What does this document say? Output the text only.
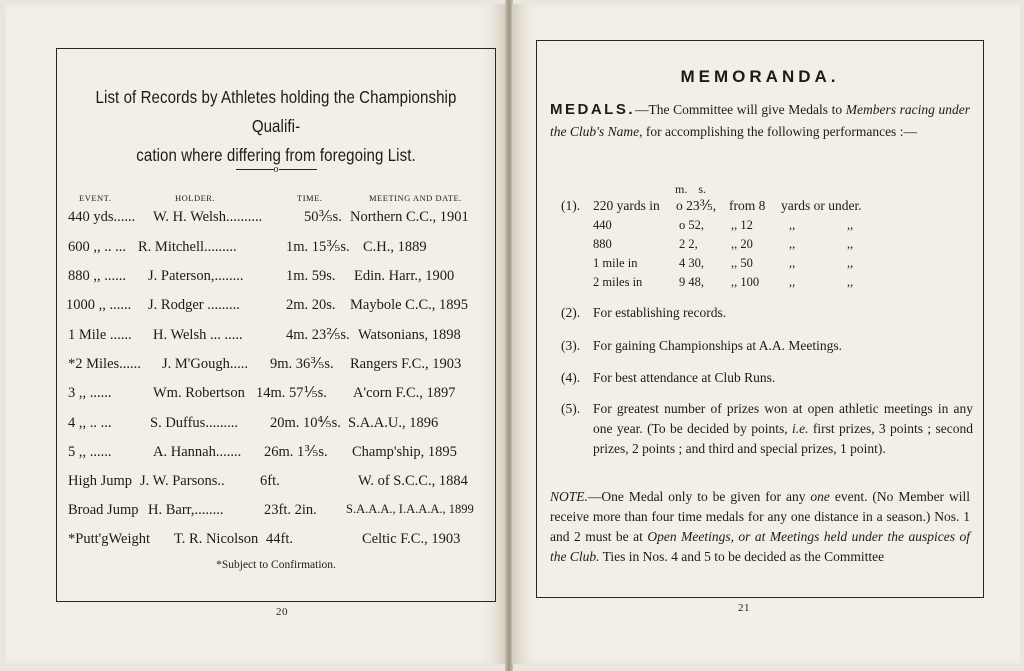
List of Records by Athletes holding the Championship Qualifi-
cation where differing from foregoing List.
o
EVENT.	HOLDER.	TIME.	MEETING AND DATE.
440 yds...... W. H. Welsh..........	50⅗s. Northern C.C., 1901
600 ,, .. ... R. Mitchell.........	1m. 15⅗s. C.H., 1889
880 ,, ...... J. Paterson,........	1m. 59s. Edin. Harr., 1900
1000 ,, ...... J. Rodger .........	2m. 20s. Maybole C.C., 1895
1 Mile ...... H. Welsh ... .....	4m. 23⅖s. Watsonians, 1898
*2 Miles...... J. M'Gough..... 9m. 36⅗s. Rangers F.C., 1903
3 ,, ......	Wm. Robertson 14m. 57⅕s. A'corn F.C., 1897
4 ,, .. ...	S. Duffus......... 20m. 10⅘s. S.A.A.U., 1896
5 ,, ......	A. Hannah....... 26m. 1⅗s. Champ'ship, 1895
High Jump J. W. Parsons.. 6ft.	W. of S.C.C., 1884
Broad Jump H. Barr,........	23ft. 2in. S.A.A.A., I.A.A.A., 1899
*Putt'gWeight T. R. Nicolson 44ft.	Celtic F.C., 1903
*Subject to Confirmation.
20
MEMORANDA.
MEDALS.—The Committee will give Medals to Members racing under the Club's Name, for accomplishing the following performances :—
m. s.
(1). 220 yards in o 23⅗, from 8 yards or under.
440	o 52, ,, 12	,,	,,
880	2 2,	,, 20	,,	,,
1 mile in	4 30, ,, 50	,,	,,
2 miles in	9 48, ,, 100 ,,	,,
(2). For establishing records.
(3). For gaining Championships at A.A. Meetings.
(4). For best attendance at Club Runs.
(5). For greatest number of prizes won at open athletic meetings in any one year. (To be decided by points, i.e. first prizes, 3 points ; second prizes, 2 points ; and third and special prizes, 1 point).
NOTE.—One Medal only to be given for any one event. (No Member will receive more than four time medals for any one distance in a season.) Nos. 1 and 2 must be at Open Meetings, or at Meetings held under the auspices of the Club. Ties in Nos. 4 and 5 to be decided as the Committee
21
